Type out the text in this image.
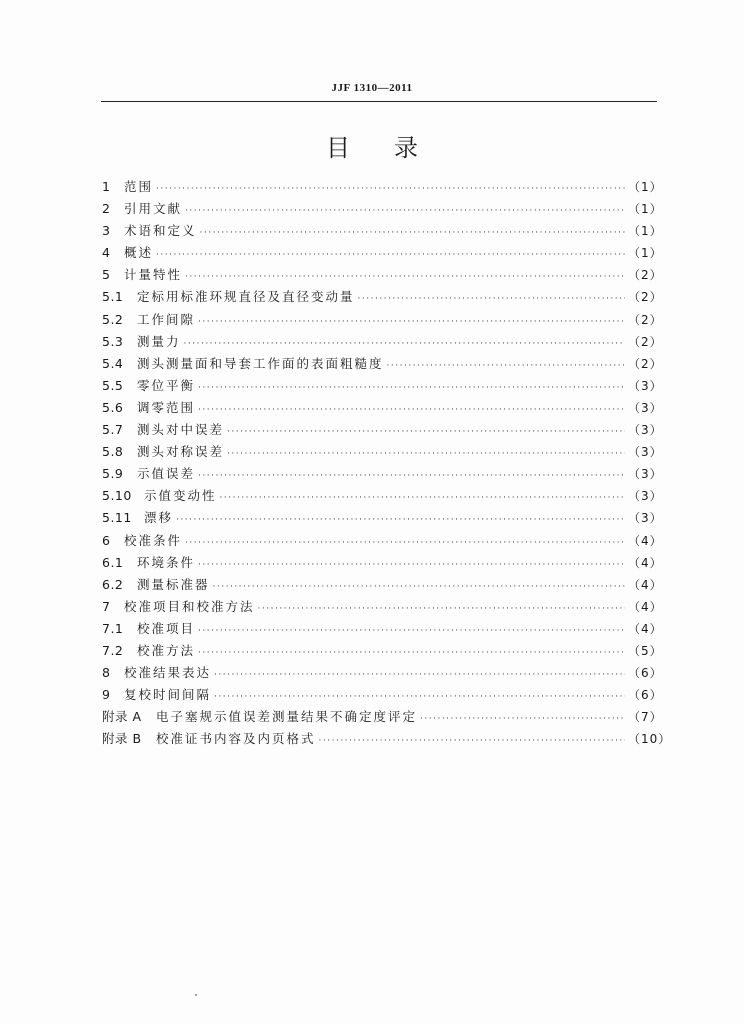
JJF 1310—2011
目录
1	范围 ·····	（1）
2	引用文献 ·····	（1）
3	术语和定义 ·····	（1）
4	概述 ·····	（1）
5	计量特性 ·····	（2）
5.1	定标用标准环规直径及直径变动量 ·····	（2）
5.2	工作间隙 ·····	（2）
5.3	测量力 ·····	（2）
5.4	测头测量面和导套工作面的表面粗糙度 ·····	（2）
5.5	零位平衡 ·····	（3）
5.6	调零范围 ·····	（3）
5.7	测头对中误差 ·····	（3）
5.8	测头对称误差 ·····	（3）
5.9	示值误差 ·····	（3）
5.10 示值变动性 ·····	（3）
5.11 漂移 ·····	（3）
6	校准条件 ·····	（4）
6.1	环境条件 ·····	（4）
6.2	测量标准器 ·····	（4）
7	校准项目和校准方法 ·····	（4）
7.1	校准项目 ·····	（4）
7.2	校准方法 ·····	（5）
8	校准结果表达 ·····	（6）
9	复校时间间隔 ·····	（6）
附录 A	电子塞规示值误差测量结果不确定度评定 ·····	（7）
附录 B	校准证书内容及内页格式 ·····	（10）
